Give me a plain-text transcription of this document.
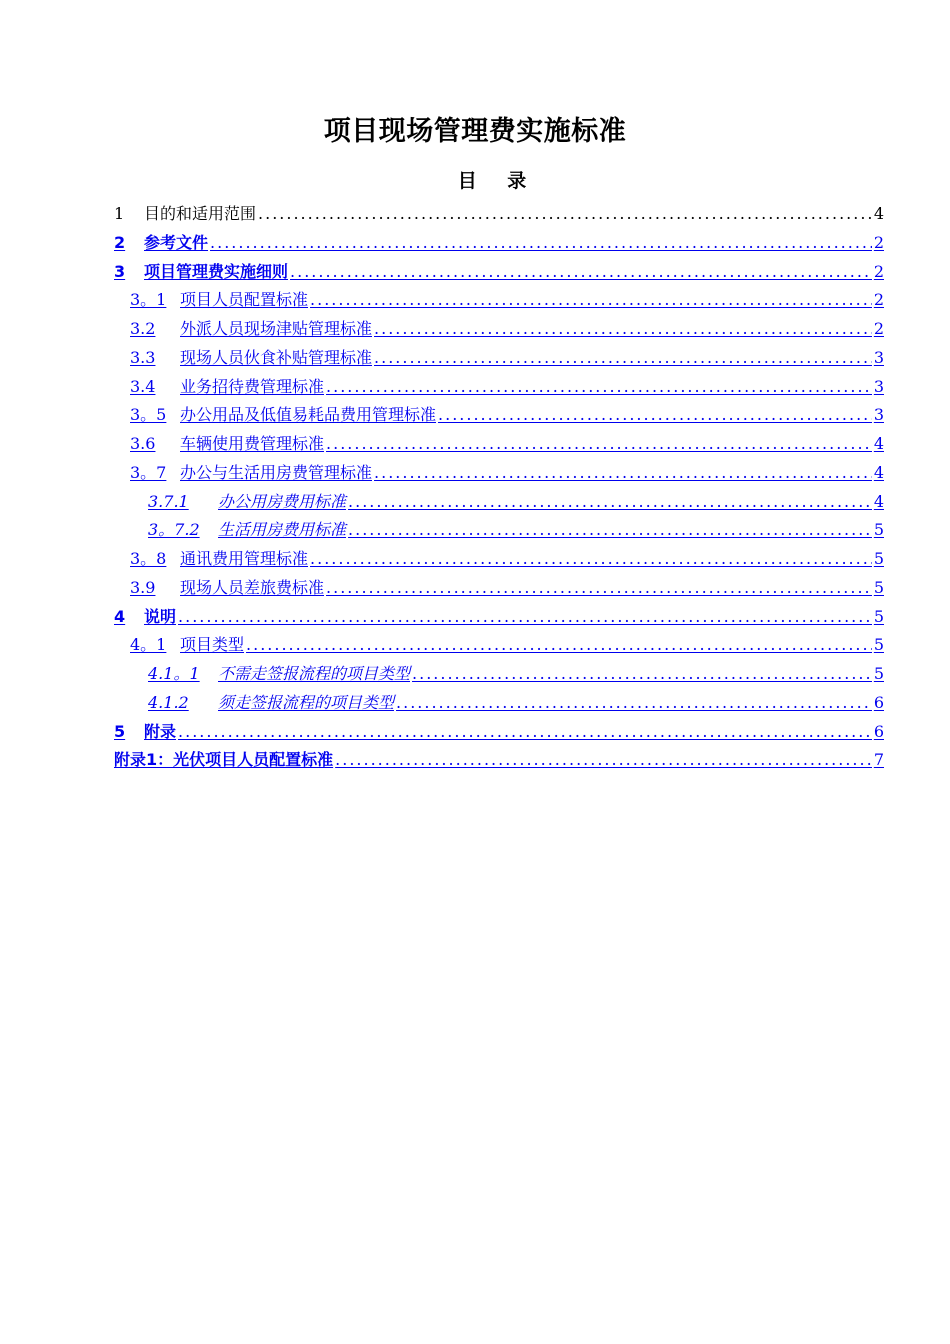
项目现场管理费实施标准
目 录
1	目的和适用范围 .....	4
2	参考文件 .....	2
3	项目管理费实施细则 .....	2
3。1 项目人员配置标准 .....	2
3.2	外派人员现场津贴管理标准 .....	2
3.3	现场人员伙食补贴管理标准 .....	3
3.4	业务招待费管理标准 .....	3
3。5 办公用品及低值易耗品费用管理标准 .....	3
3.6	车辆使用费管理标准 .....	4
3。7 办公与生活用房费管理标准 .....	4
3.7.1	办公用房费用标准 .....	4
3。7.2	生活用房费用标准 .....	5
3。8 通讯费用管理标准 .....	5
3.9	现场人员差旅费标准 .....	5
4	说明 .....	5
4。1 项目类型 .....	5
4.1。1	不需走签报流程的项目类型 .....	5
4.1.2	须走签报流程的项目类型 .....	6
5	附录 .....	6
附录1：光伏项目人员配置标准 .....	7
